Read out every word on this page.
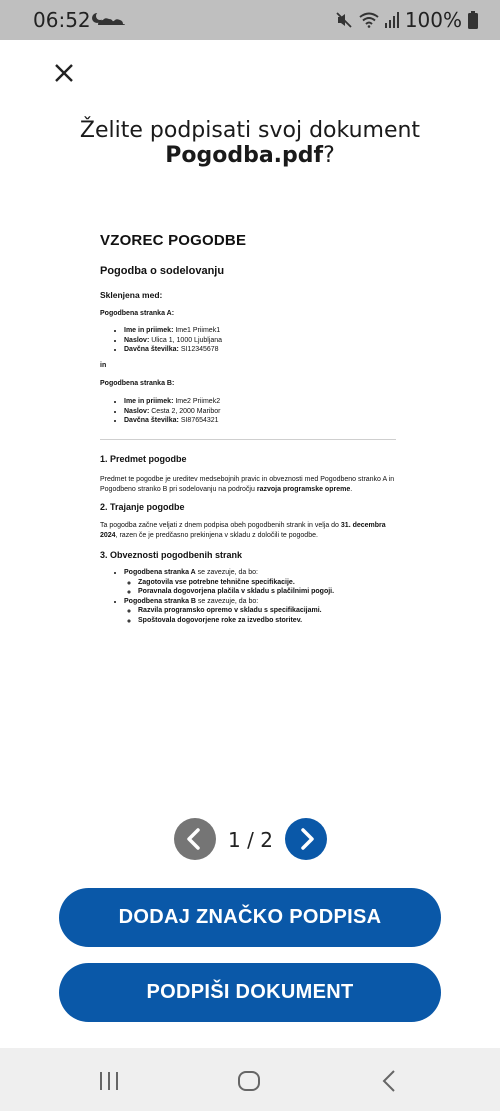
06:52	100%
Želite podpisati svoj dokument Pogodba.pdf?
VZOREC POGODBE
Pogodba o sodelovanju
Sklenjena med:
Pogodbena stranka A:
• Ime in priimek: Ime1 Priimek1
• Naslov: Ulica 1, 1000 Ljubljana
• Davčna številka: SI12345678
in
Pogodbena stranka B:
• Ime in priimek: Ime2 Priimek2
• Naslov: Cesta 2, 2000 Maribor
• Davčna številka: SI87654321
1. Predmet pogodbe
Predmet te pogodbe je ureditev medsebojnih pravic in obveznosti med Pogodbeno stranko A in Pogodbeno stranko B pri sodelovanju na področju razvoja programske opreme.
2. Trajanje pogodbe
Ta pogodba začne veljati z dnem podpisa obeh pogodbenih strank in velja do 31. decembra 2024, razen če je predčasno prekinjena v skladu z določili te pogodbe.
3. Obveznosti pogodbenih strank
• Pogodbena stranka A se zavezuje, da bo:
◦ Zagotovila vse potrebne tehnične specifikacije.
◦ Poravnala dogovorjena plačila v skladu s plačilnimi pogoji.
• Pogodbena stranka B se zavezuje, da bo:
◦ Razvila programsko opremo v skladu s specifikacijami.
◦ Spoštovala dogovorjene roke za izvedbo storitev.
1 / 2
DODAJ ZNAČKO PODPISA
PODPIŠI DOKUMENT
